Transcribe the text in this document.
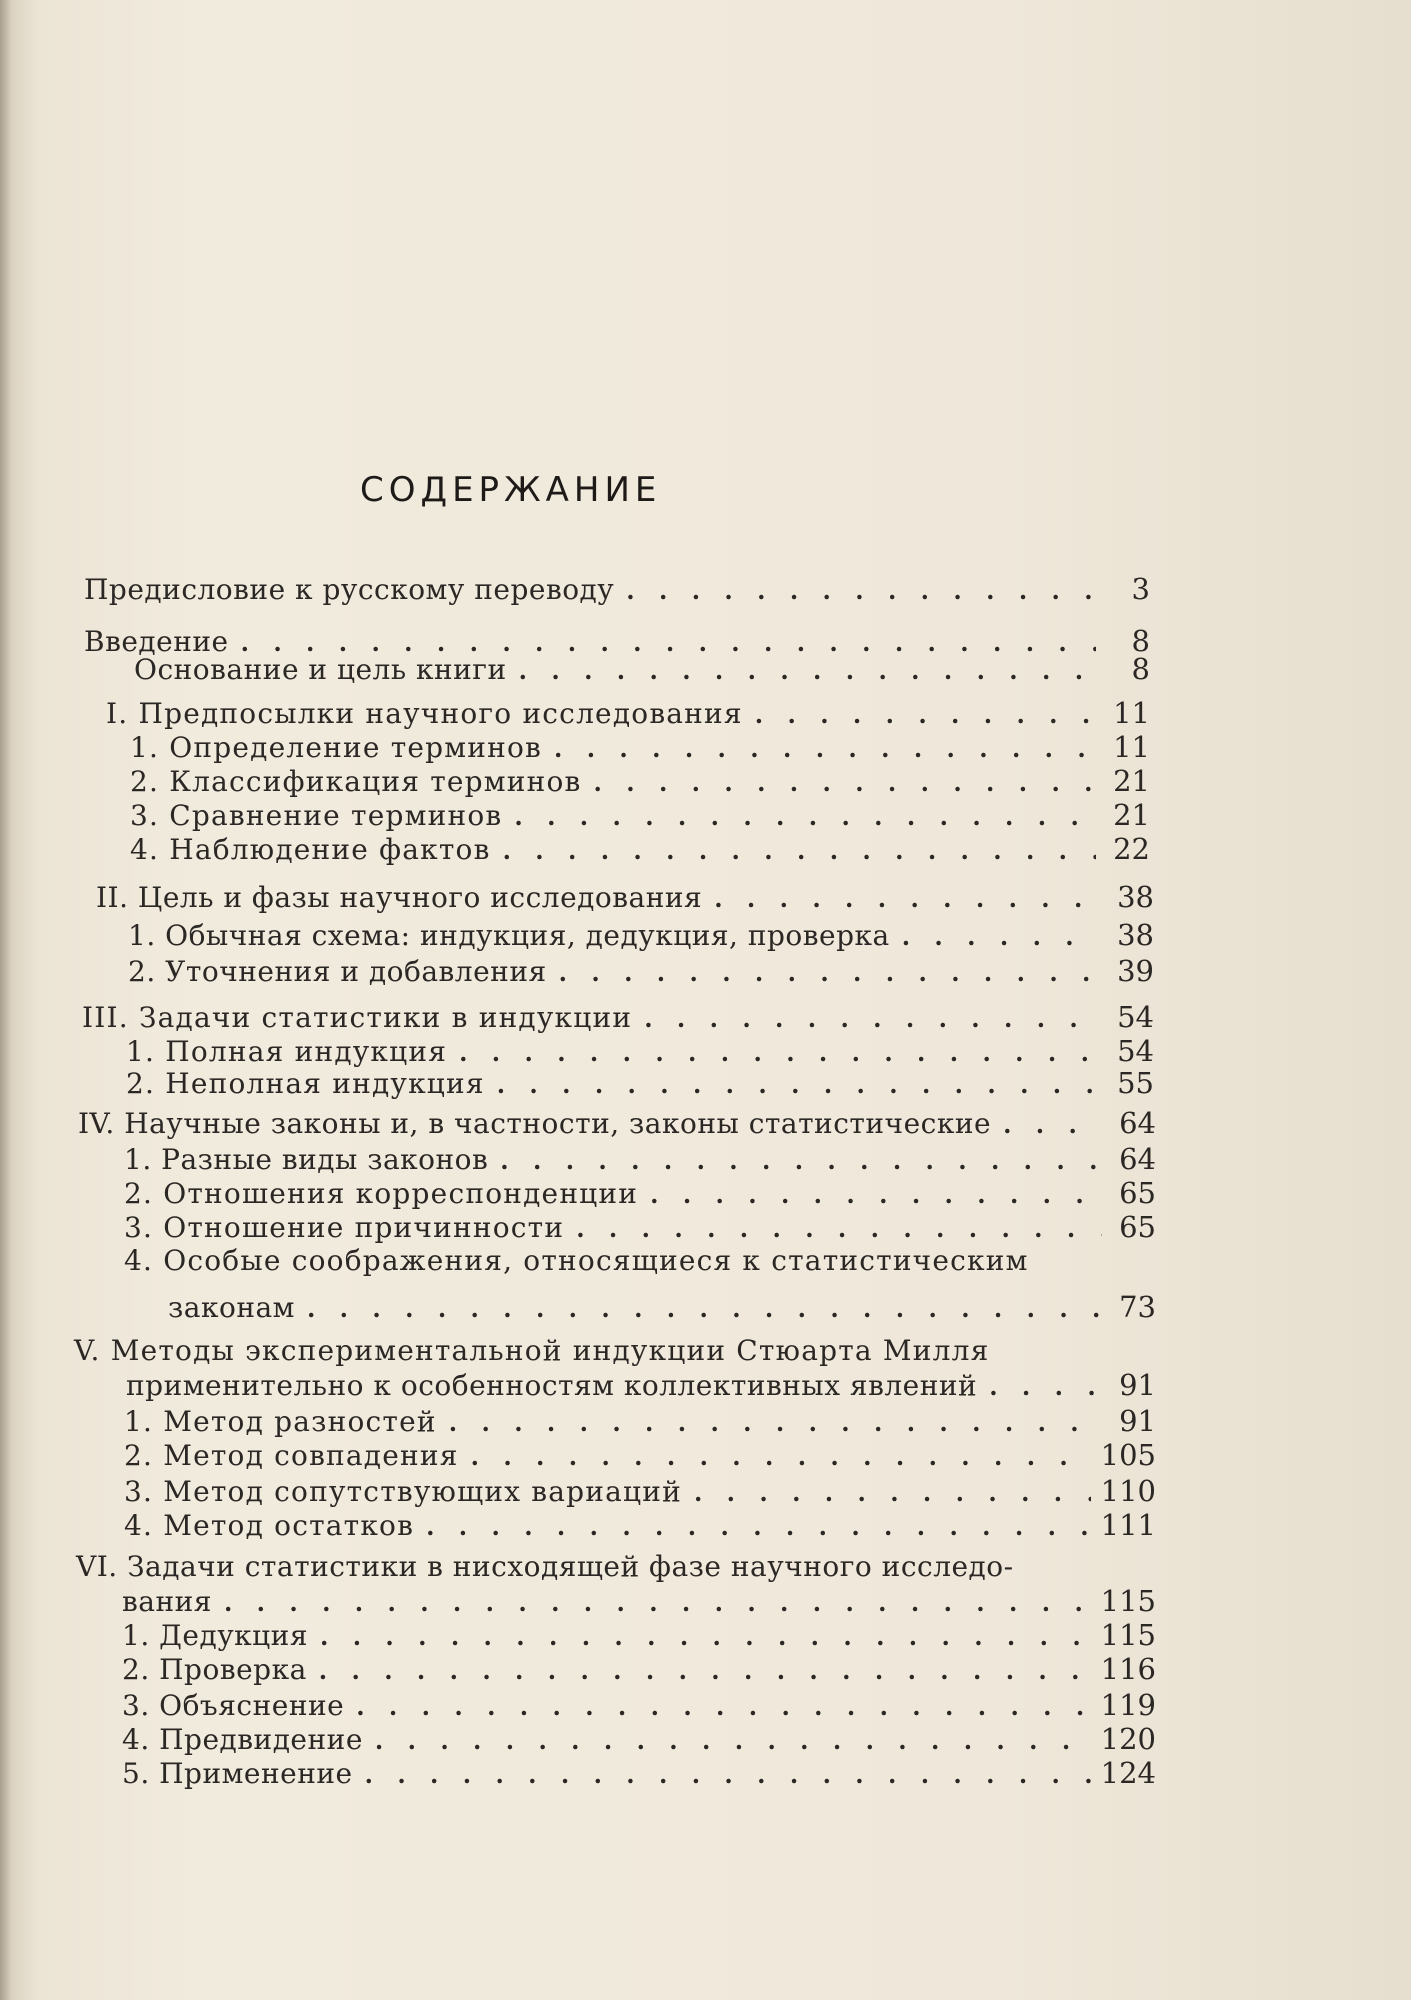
СОДЕРЖАНИЕ
Предисловие к русскому переводу . . .	3
Введение . . .	8
Основание и цель книги . . .	8
I. Предпосылки научного исследования . . .	11
1. Определение терминов . . .	11
2. Классификация терминов . . .	21
3. Сравнение терминов . . .	21
4. Наблюдение фактов . . .	22
II. Цель и фазы научного исследования . . .	38
1. Обычная схема: индукция, дедукция, проверка . . .	38
2. Уточнения и добавления . . .	39
III. Задачи статистики в индукции . . .	54
1. Полная индукция . . .	54
2. Неполная индукция . . .	55
IV. Научные законы и, в частности, законы статистические . . .	64
1. Разные виды законов . . .	64
2. Отношения корреспонденции . . .	65
3. Отношение причинности . . .	65
4. Особые соображения, относящиеся к статистическим
законам . . .	73
V. Методы экспериментальной индукции Стюарта Милля
применительно к особенностям коллективных явлений . . .	91
1. Метод разностей . . .	91
2. Метод совпадения . . .	105
3. Метод сопутствующих вариаций . . .	110
4. Метод остатков . . .	111
VI. Задачи статистики в нисходящей фазе научного исследо-
вания . . .	115
1. Дедукция . . .	115
2. Проверка . . .	116
3. Объяснение . . .	119
4. Предвидение . . .	120
5. Применение . . .	124
